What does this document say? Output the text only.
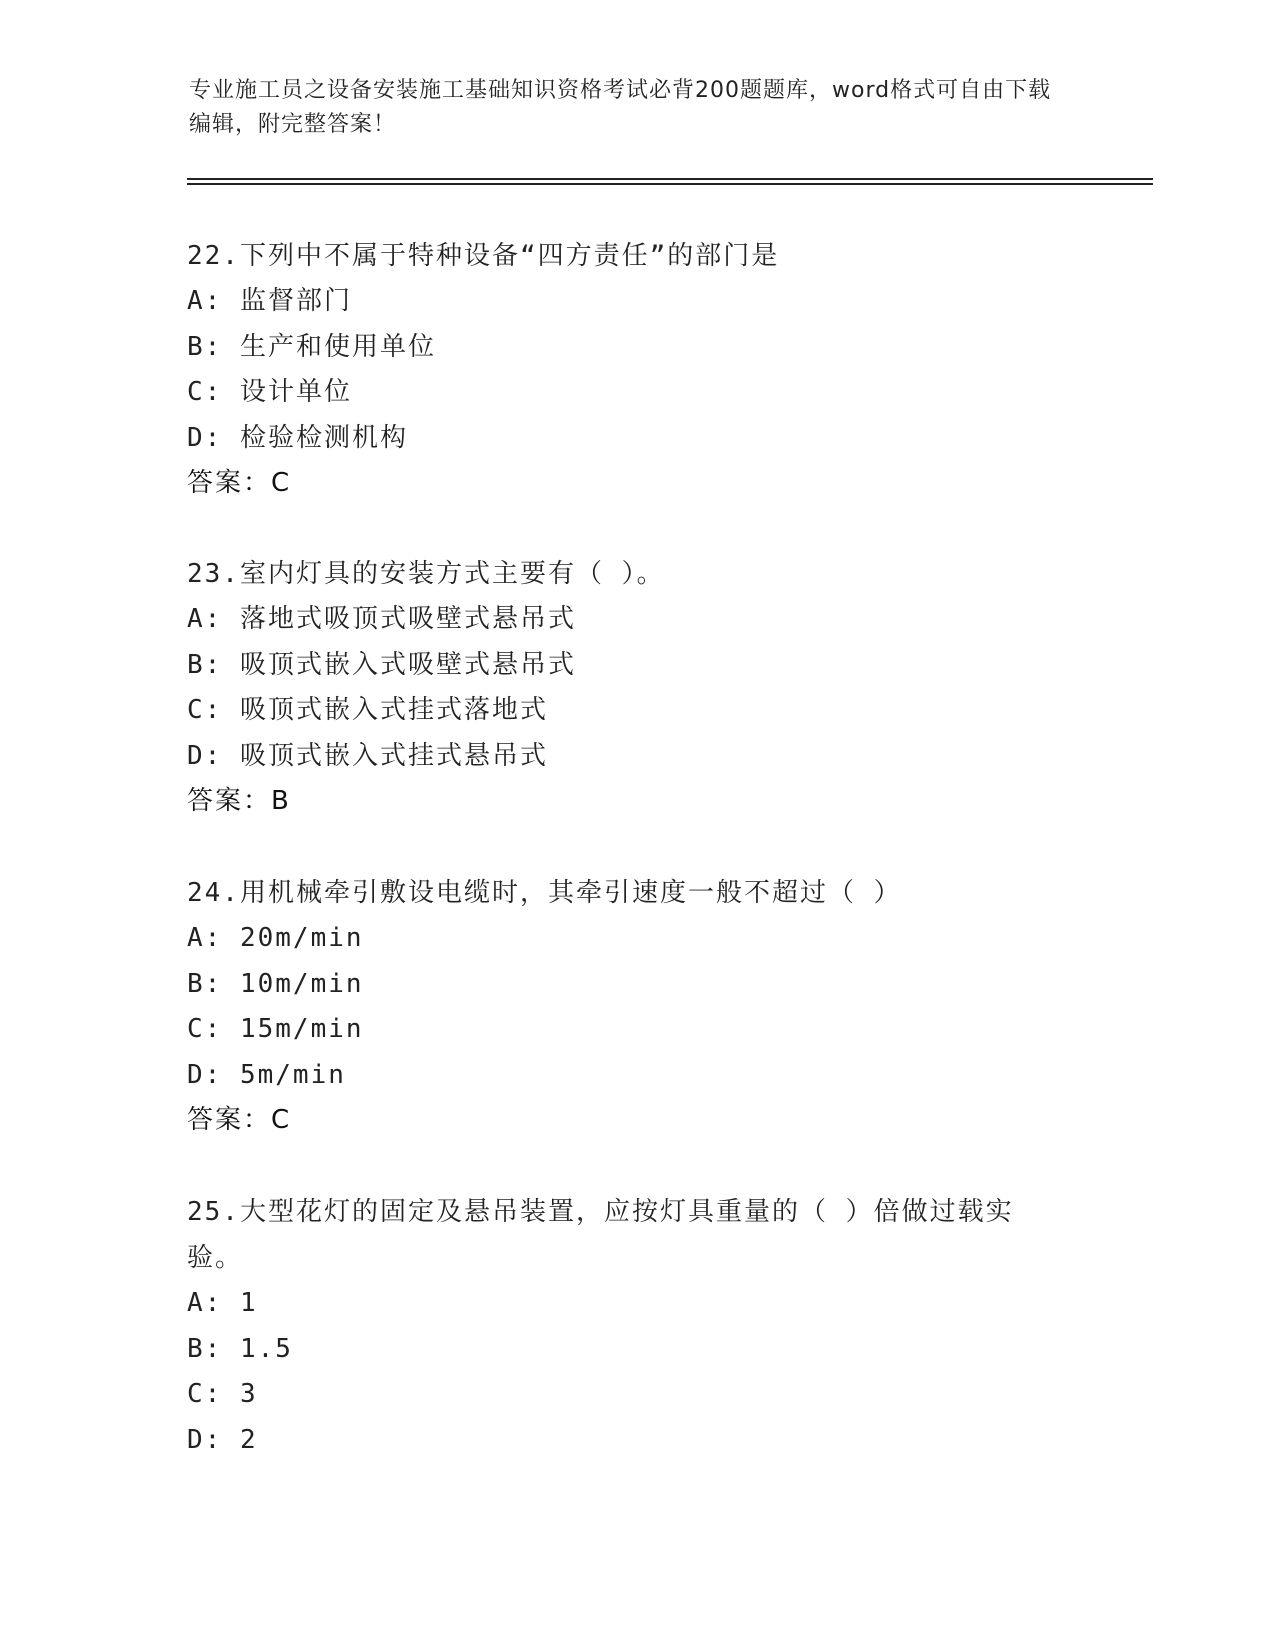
专业施工员之设备安装施工基础知识资格考试必背200题题库，word格式可自由下载编辑，附完整答案！

22.下列中不属于特种设备“四方责任”的部门是

A: 监督部门

B: 生产和使用单位

C: 设计单位

D: 检验检测机构

答案：C

23.室内灯具的安装方式主要有（ ）。

A: 落地式吸顶式吸壁式悬吊式

B: 吸顶式嵌入式吸壁式悬吊式

C: 吸顶式嵌入式挂式落地式

D: 吸顶式嵌入式挂式悬吊式

答案：B

24.用机械牵引敷设电缆时，其牵引速度一般不超过（ ）

A: 20m/min

B: 10m/min

C: 15m/min

D: 5m/min

答案：C

25.大型花灯的固定及悬吊装置，应按灯具重量的（ ）倍做过载实验。

A: 1

B: 1.5

C: 3

D: 2
